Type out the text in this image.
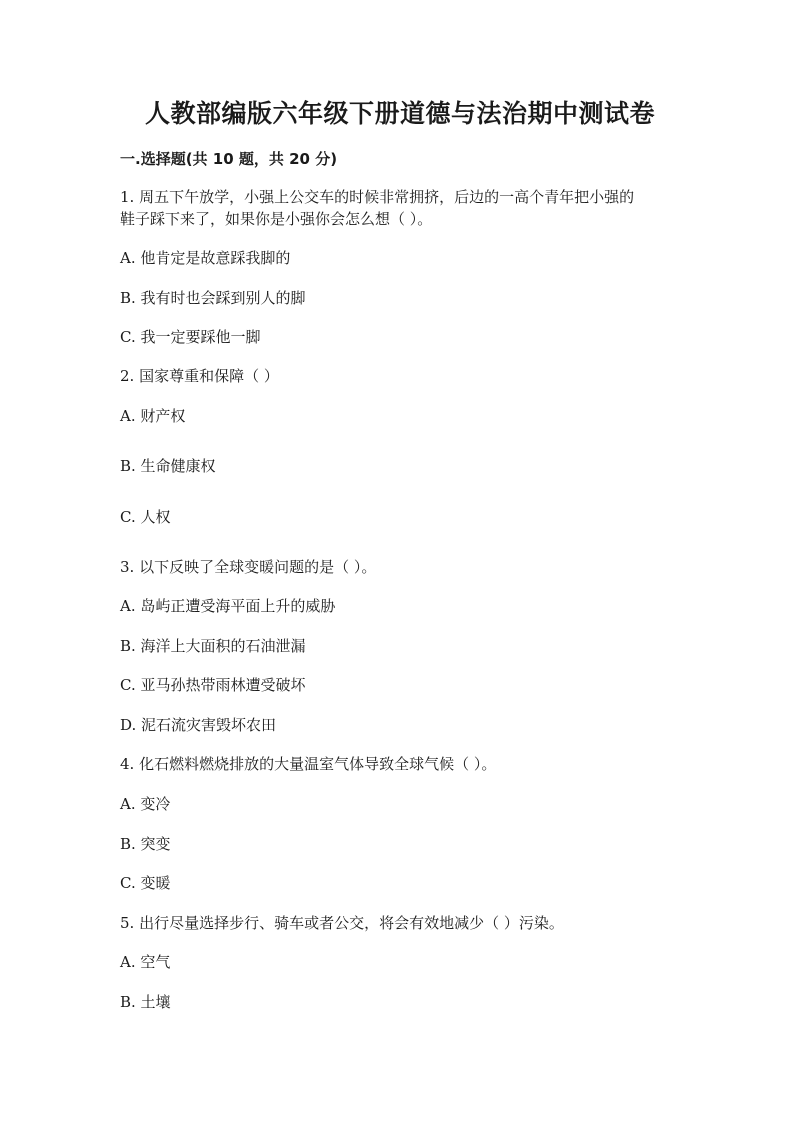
人教部编版六年级下册道德与法治期中测试卷
一.选择题(共 10 题，共 20 分)
1. 周五下午放学，小强上公交车的时候非常拥挤，后边的一高个青年把小强的
鞋子踩下来了，如果你是小强你会怎么想（ ）。
A. 他肯定是故意踩我脚的
B. 我有时也会踩到别人的脚
C. 我一定要踩他一脚
2. 国家尊重和保障（ ）
A. 财产权
B. 生命健康权
C. 人权
3. 以下反映了全球变暖问题的是（ ）。
A. 岛屿正遭受海平面上升的威胁
B. 海洋上大面积的石油泄漏
C. 亚马孙热带雨林遭受破坏
D. 泥石流灾害毁坏农田
4. 化石燃料燃烧排放的大量温室气体导致全球气候（ ）。
A. 变冷
B. 突变
C. 变暖
5. 出行尽量选择步行、骑车或者公交，将会有效地减少（ ）污染。
A. 空气
B. 土壤
